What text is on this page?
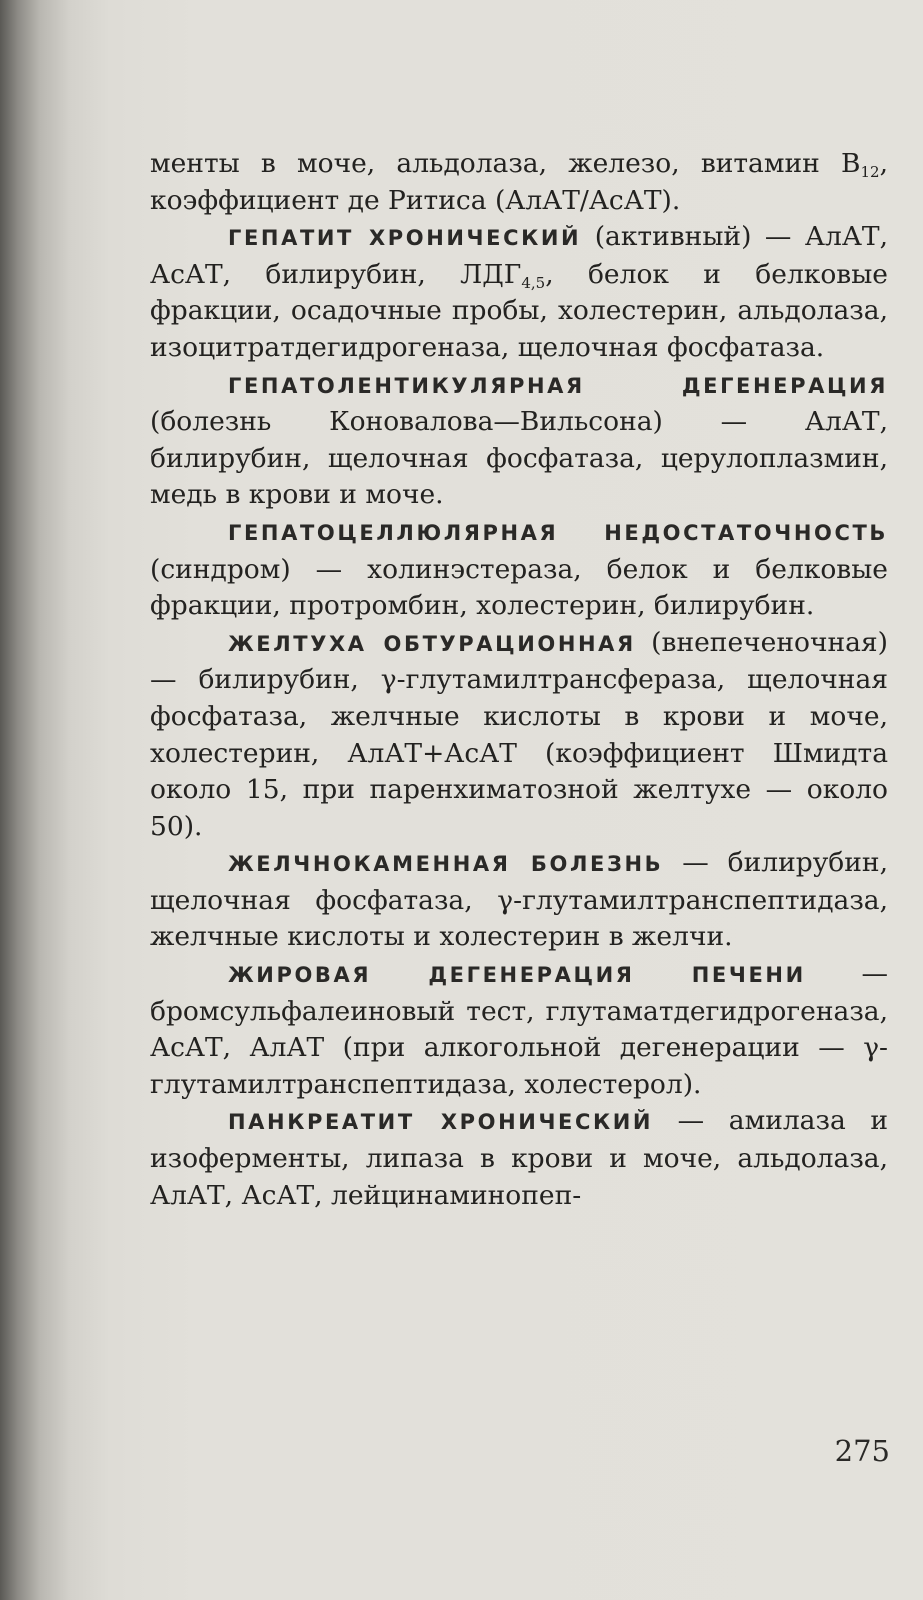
менты в моче, альдолаза, железо, витамин $B_{12}$, коэффициент де Ритиса (АлАТ/АсАТ).

ГЕПАТИТ ХРОНИЧЕСКИЙ (активный) — АлАТ, АсАТ, билирубин, $ЛДГ_{4,5}$, белок и белковые фракции, осадочные пробы, холестерин, альдолаза, изоцитратдегидрогеназа, щелочная фосфатаза.

ГЕПАТОЛЕНТИКУЛЯРНАЯ ДЕГЕНЕРАЦИЯ (болезнь Коновалова—Вильсона) — АлАТ, билирубин, щелочная фосфатаза, церулоплазмин, медь в крови и моче.

ГЕПАТОЦЕЛЛЮЛЯРНАЯ НЕДОСТАТОЧНОСТЬ (синдром) — холинэстераза, белок и белковые фракции, протромбин, холестерин, билирубин.

ЖЕЛТУХА ОБТУРАЦИОННАЯ (внепеченочная) — билирубин, γ-глутамилтрансфераза, щелочная фосфатаза, желчные кислоты в крови и моче, холестерин, АлАТ+АсАТ (коэффициент Шмидта около 15, при паренхиматозной желтухе — около 50).

ЖЕЛЧНОКАМЕННАЯ БОЛЕЗНЬ — билирубин, щелочная фосфатаза, γ-глутамилтранспептидаза, желчные кислоты и холестерин в желчи.

ЖИРОВАЯ ДЕГЕНЕРАЦИЯ ПЕЧЕНИ — бромсульфалеиновый тест, глутаматдегидрогеназа, АсАТ, АлАТ (при алкогольной дегенерации — γ-глутамилтранспептидаза, холестерол).

ПАНКРЕАТИТ ХРОНИЧЕСКИЙ — амилаза и изоферменты, липаза в крови и моче, альдолаза, АлАТ, АсАТ, лейцинаминопеп-

275
